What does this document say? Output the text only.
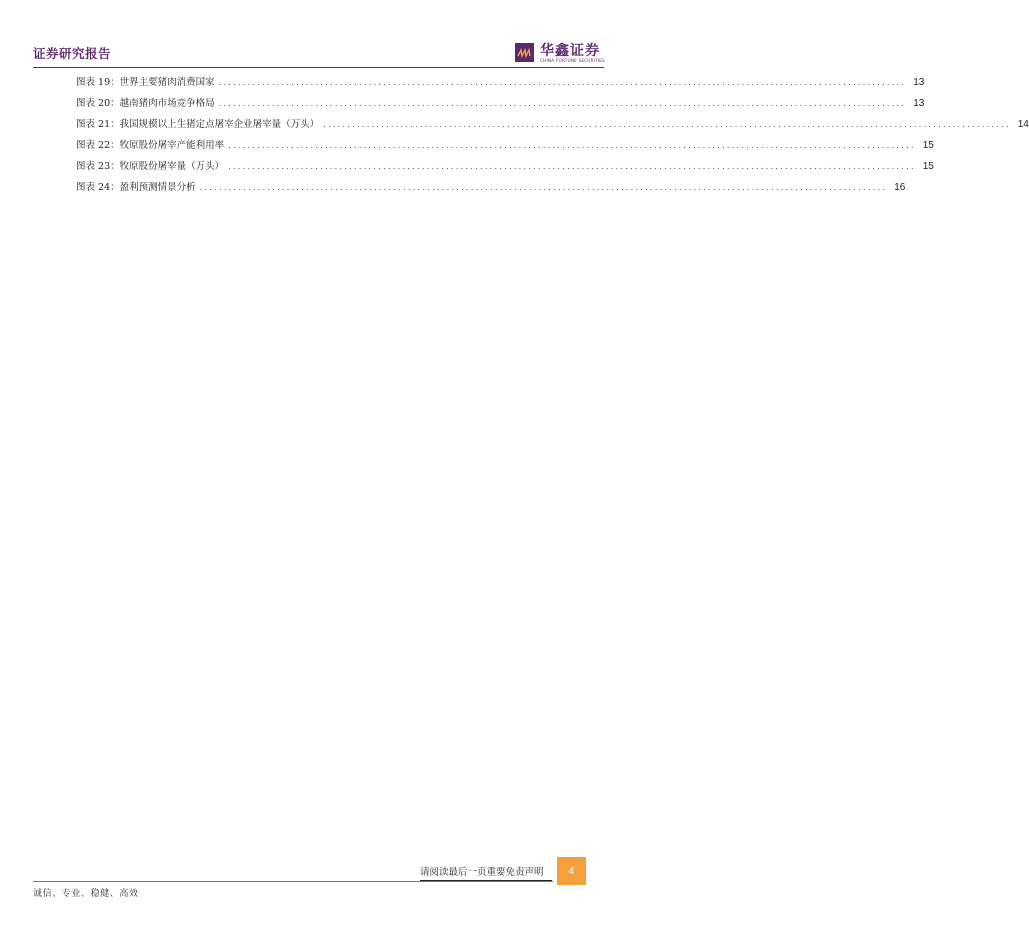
证券研究报告	华鑫证券
CHINA FORTUNE SECURITIES
图表 19：世界主要猪肉消费国家 .............................................................................................................................................. 13
图表 20：越南猪肉市场竞争格局 .............................................................................................................................................. 13
图表 21：我国规模以上生猪定点屠宰企业屠宰量（万头） .............................................................................................................................................. 14
图表 22：牧原股份屠宰产能利用率 .............................................................................................................................................. 15
图表 23：牧原股份屠宰量（万头） .............................................................................................................................................. 15
图表 24：盈利预测情景分析 .............................................................................................................................................. 16
请阅读最后一页重要免责声明	4
诚信、专业、稳健、高效
